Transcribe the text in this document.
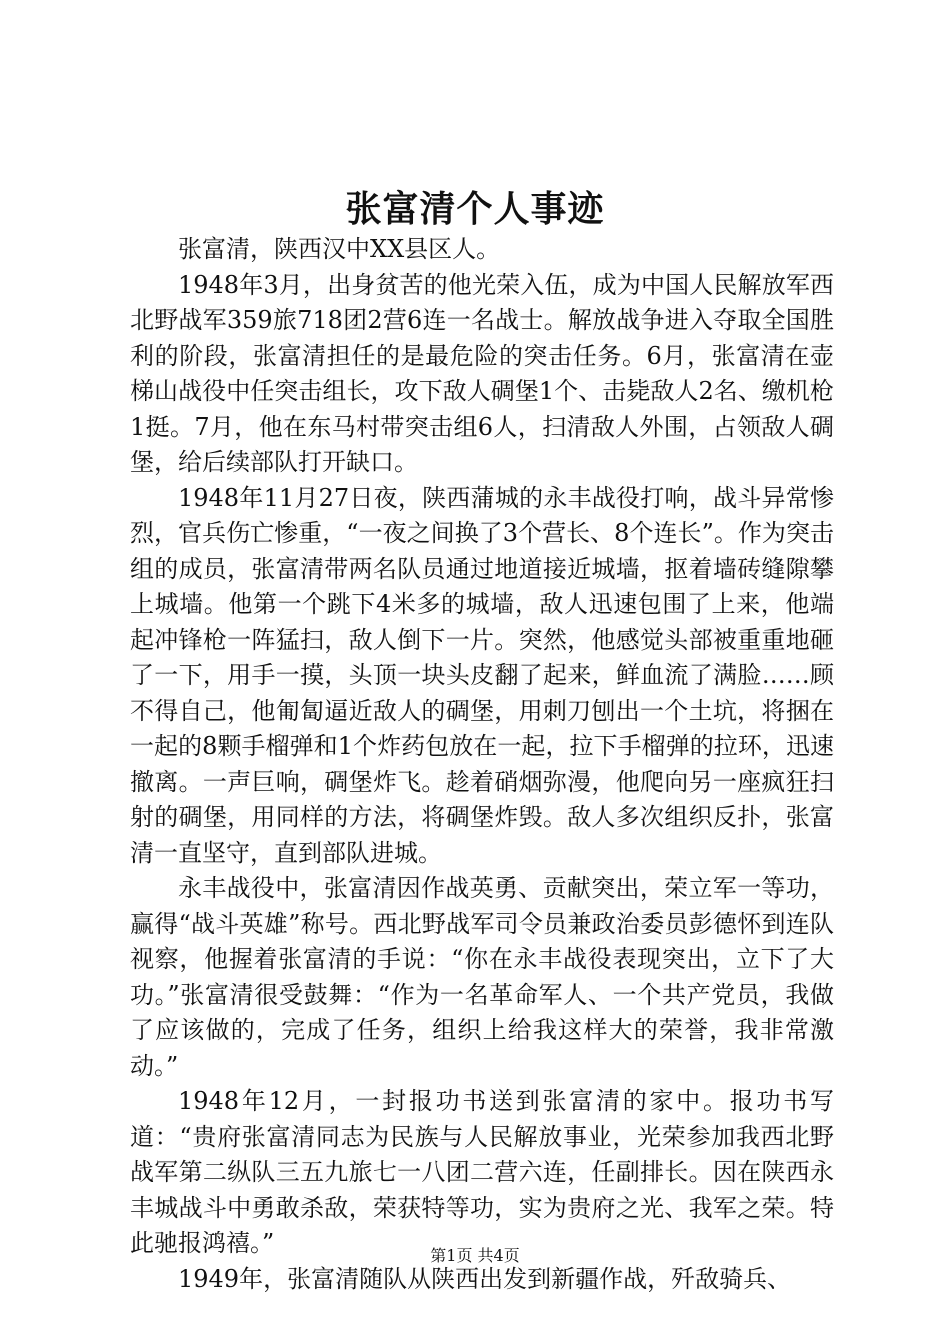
张富清个人事迹

张富清，陕西汉中XX县区人。

1948年3月，出身贫苦的他光荣入伍，成为中国人民解放军西北野战军359旅718团2营6连一名战士。解放战争进入夺取全国胜利的阶段，张富清担任的是最危险的突击任务。6月，张富清在壶梯山战役中任突击组长，攻下敌人碉堡1个、击毙敌人2名、缴机枪1挺。7月，他在东马村带突击组6人，扫清敌人外围，占领敌人碉堡，给后续部队打开缺口。

1948年11月27日夜，陕西蒲城的永丰战役打响，战斗异常惨烈，官兵伤亡惨重，“一夜之间换了3个营长、8个连长”。作为突击组的成员，张富清带两名队员通过地道接近城墙，抠着墙砖缝隙攀上城墙。他第一个跳下4米多的城墙，敌人迅速包围了上来，他端起冲锋枪一阵猛扫，敌人倒下一片。突然，他感觉头部被重重地砸了一下，用手一摸，头顶一块头皮翻了起来，鲜血流了满脸……顾不得自己，他匍匐逼近敌人的碉堡，用刺刀刨出一个土坑，将捆在一起的8颗手榴弹和1个炸药包放在一起，拉下手榴弹的拉环，迅速撤离。一声巨响，碉堡炸飞。趁着硝烟弥漫，他爬向另一座疯狂扫射的碉堡，用同样的方法，将碉堡炸毁。敌人多次组织反扑，张富清一直坚守，直到部队进城。

永丰战役中，张富清因作战英勇、贡献突出，荣立军一等功，赢得“战斗英雄”称号。西北野战军司令员兼政治委员彭德怀到连队视察，他握着张富清的手说：“你在永丰战役表现突出，立下了大功。”张富清很受鼓舞：“作为一名革命军人、一个共产党员，我做了应该做的，完成了任务，组织上给我这样大的荣誉，我非常激动。”

1948年12月，一封报功书送到张富清的家中。报功书写道：“贵府张富清同志为民族与人民解放事业，光荣参加我西北野战军第二纵队三五九旅七一八团二营六连，任副排长。因在陕西永丰城战斗中勇敢杀敌，荣获特等功，实为贵府之光、我军之荣。特此驰报鸿禧。”

1949年，张富清随队从陕西出发到新疆作战，歼敌骑兵、

第1页 共4页
